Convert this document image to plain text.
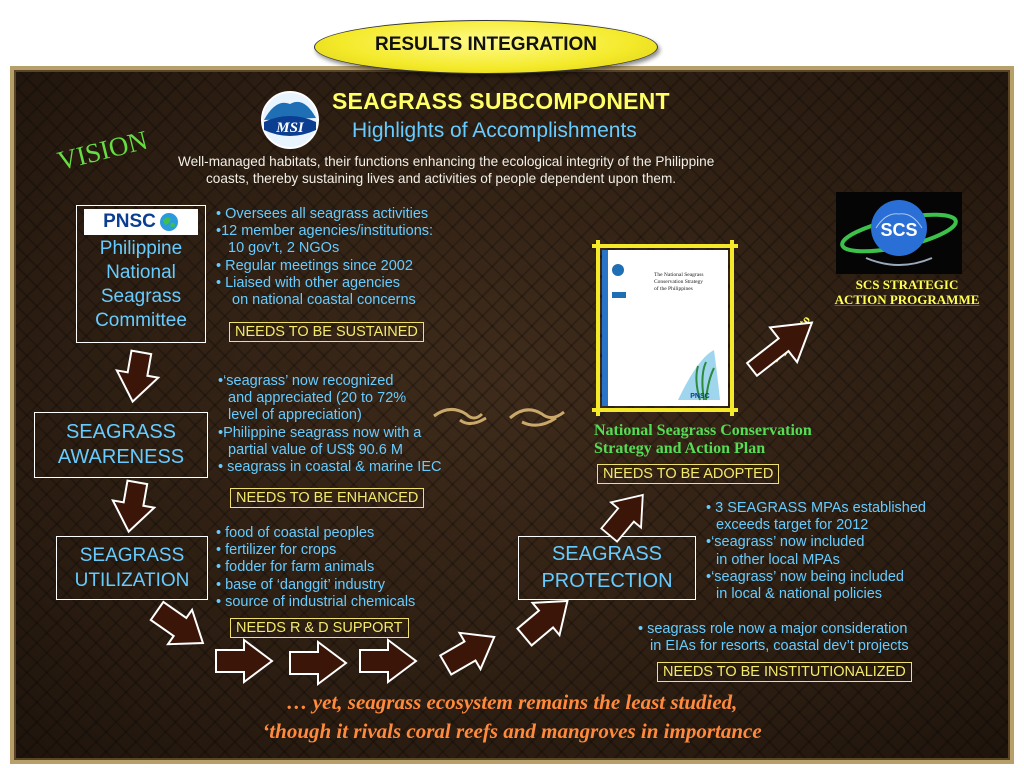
RESULTS INTEGRATION
MSI
SEAGRASS SUBCOMPONENT
Highlights of Accomplishments
VISION Well-managed habitats, their functions enhancing the ecological integrity of the Philippine
coasts, thereby sustaining lives and activities of people dependent upon them.
PNSC
Philippine
National
Seagrass
Committee
• Oversees all seagrass activities
•12 member agencies/institutions:
10 gov’t, 2 NGOs
• Regular meetings since 2002
• Liaised with other agencies
on national coastal concerns
NEEDS TO BE SUSTAINED
SEAGRASS
AWARENESS
•‘seagrass’ now recognized
and appreciated (20 to 72%
level of appreciation)
•Philippine seagrass now with a
partial value of US$ 90.6 M
• seagrass in coastal & marine IEC
NEEDS TO BE ENHANCED
SEAGRASS
UTILIZATION
• food of coastal peoples
• fertilizer for crops
• fodder for farm animals
• base of ‘danggit’ industry
• source of industrial chemicals
NEEDS R & D SUPPORT
SEAGRASS
PROTECTION
• 3 SEAGRASS MPAs established
exceeds target for 2012
•‘seagrass’ now included
in other local MPAs
•‘seagrass’ now being included
in local & national policies
• seagrass role now a major consideration
in EIAs for resorts, coastal dev’t projects
NEEDS TO BE INSTITUTIONALIZED
The National Seagrass
Conservation Strategy
of the Philippines
PNSC
National Seagrass Conservation
Strategy and Action Plan
NEEDS TO BE ADOPTED
SCS
SCS STRATEGIC
ACTION PROGRAMME
… yet, seagrass ecosystem remains the least studied,
‘though it rivals coral reefs and mangroves in importance
